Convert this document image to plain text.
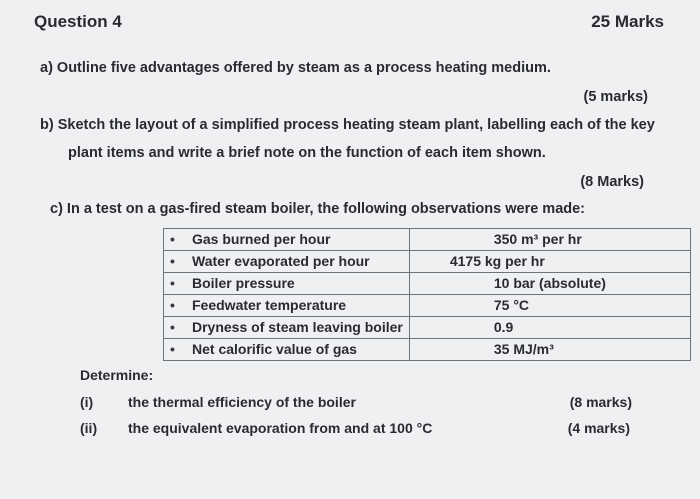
Question 4	25 Marks
a) Outline five advantages offered by steam as a process heating medium.
(5 marks)
b) Sketch the layout of a simplified process heating steam plant, labelling each of the key
plant items and write a brief note on the function of each item shown.
(8 Marks)
c) In a test on a gas-fired steam boiler, the following observations were made:
• Gas burned per hour	350 m³ per hr
• Water evaporated per hour	4175 kg per hr
• Boiler pressure	10 bar (absolute)
• Feedwater temperature	75 °C
• Dryness of steam leaving boiler	0.9
• Net calorific value of gas	35 MJ/m³
Determine:
(i) the thermal efficiency of the boiler	(8 marks)
(ii) the equivalent evaporation from and at 100 °C	(4 marks)
